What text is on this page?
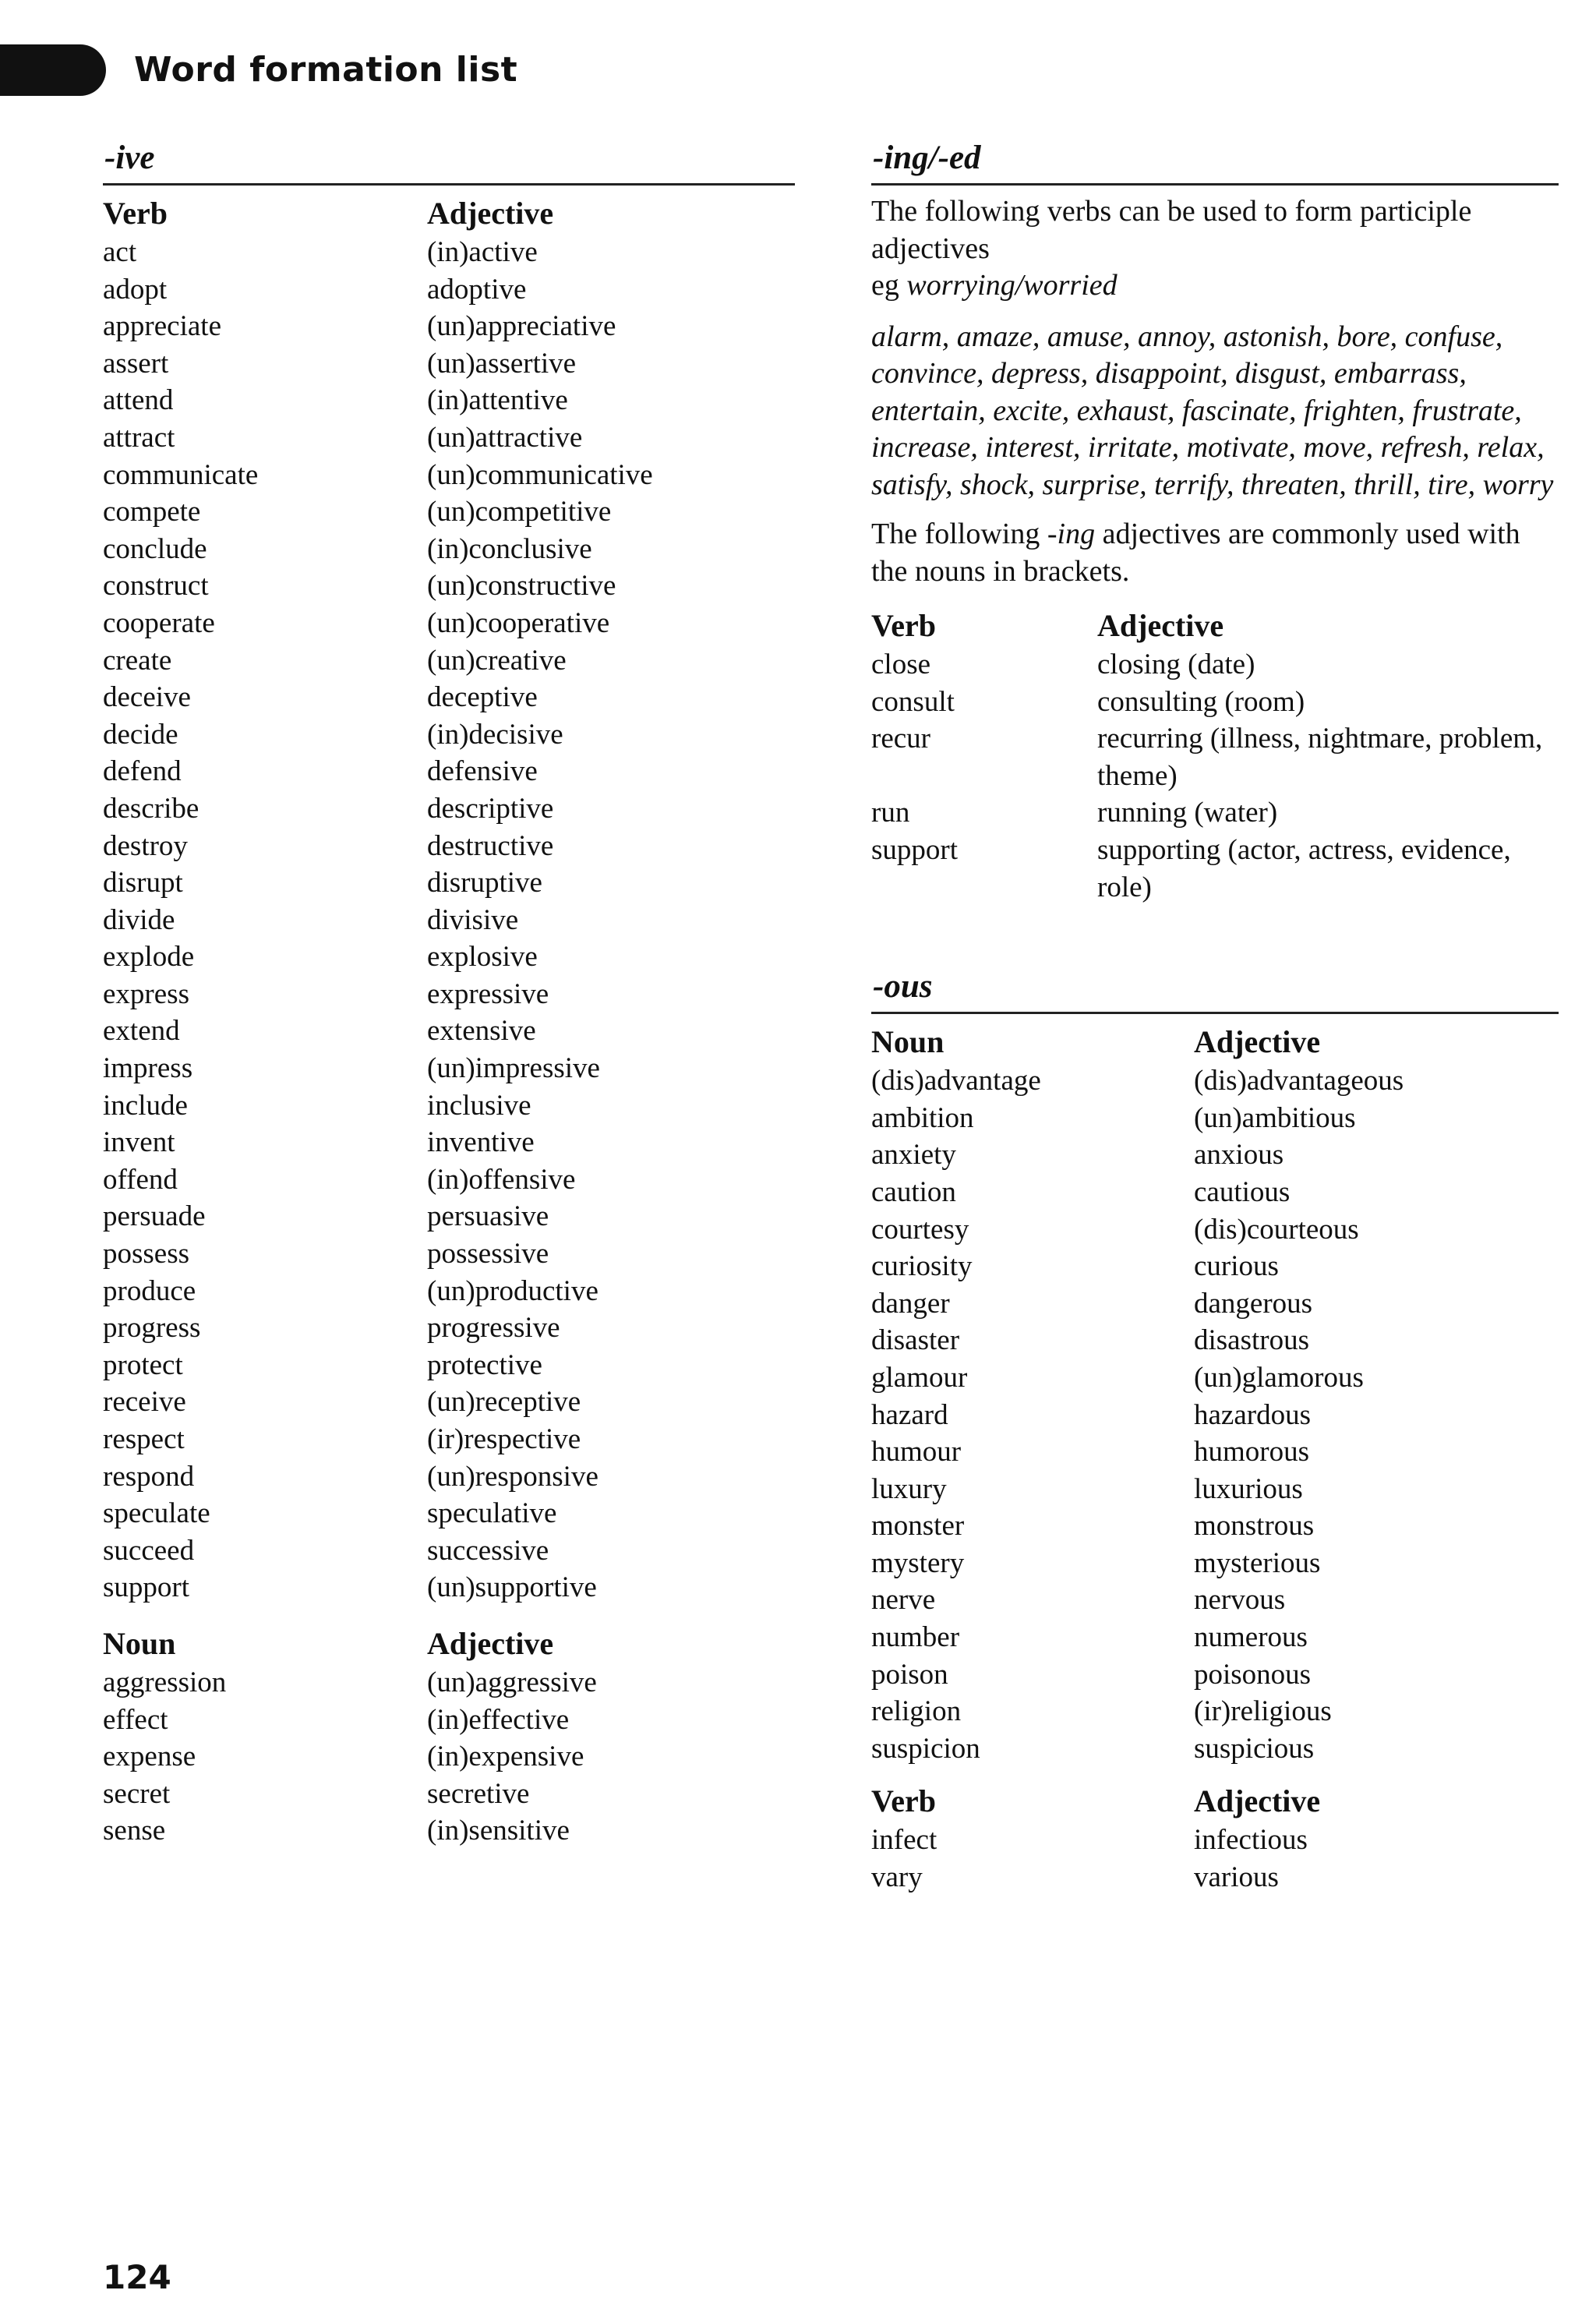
Word formation list
-ive
Verb	Adjective
act	(in)active
adopt	adoptive
appreciate	(un)appreciative
assert	(un)assertive
attend	(in)attentive
attract	(un)attractive
communicate	(un)communicative
compete	(un)competitive
conclude	(in)conclusive
construct	(un)constructive
cooperate	(un)cooperative
create	(un)creative
deceive	deceptive
decide	(in)decisive
defend	defensive
describe	descriptive
destroy	destructive
disrupt	disruptive
divide	divisive
explode	explosive
express	expressive
extend	extensive
impress	(un)impressive
include	inclusive
invent	inventive
offend	(in)offensive
persuade	persuasive
possess	possessive
produce	(un)productive
progress	progressive
protect	protective
receive	(un)receptive
respect	(ir)respective
respond	(un)responsive
speculate	speculative
succeed	successive
support	(un)supportive
Noun	Adjective
aggression	(un)aggressive
effect	(in)effective
expense	(in)expensive
secret	secretive
sense	(in)sensitive
-ing/-ed
The following verbs can be used to form participle adjectives
eg worrying/worried
alarm, amaze, amuse, annoy, astonish, bore, confuse, convince, depress, disappoint, disgust, embarrass, entertain, excite, exhaust, fascinate, frighten, frustrate, increase, interest, irritate, motivate, move, refresh, relax, satisfy, shock, surprise, terrify, threaten, thrill, tire, worry
The following -ing adjectives are commonly used with the nouns in brackets.
Verb	Adjective
close	closing (date)
consult	consulting (room)
recur	recurring (illness, nightmare, problem, theme)
run	running (water)
support	supporting (actor, actress, evidence, role)
-ous
Noun	Adjective
(dis)advantage	(dis)advantageous
ambition	(un)ambitious
anxiety	anxious
caution	cautious
courtesy	(dis)courteous
curiosity	curious
danger	dangerous
disaster	disastrous
glamour	(un)glamorous
hazard	hazardous
humour	humorous
luxury	luxurious
monster	monstrous
mystery	mysterious
nerve	nervous
number	numerous
poison	poisonous
religion	(ir)religious
suspicion	suspicious
Verb	Adjective
infect	infectious
vary	various
124
